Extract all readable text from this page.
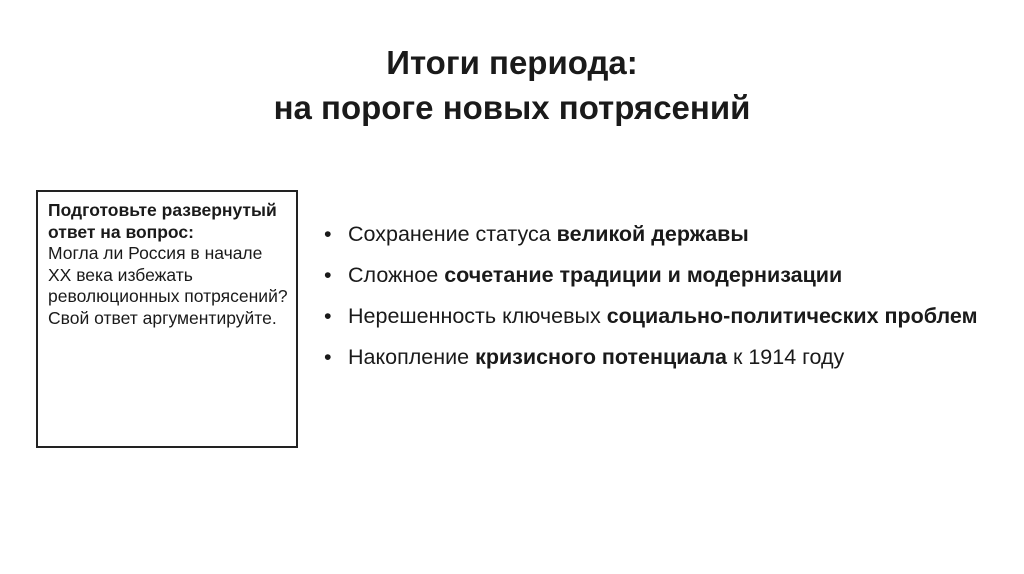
Итоги периода:
на пороге новых потрясений
Подготовьте развернутый ответ на вопрос:
Могла ли Россия в начале XX века избежать революционных потрясений? Свой ответ аргументируйте.
• Сохранение статуса великой державы
• Сложное сочетание традиции и модернизации
• Нерешенность ключевых социально-политических проблем
• Накопление кризисного потенциала к 1914 году
